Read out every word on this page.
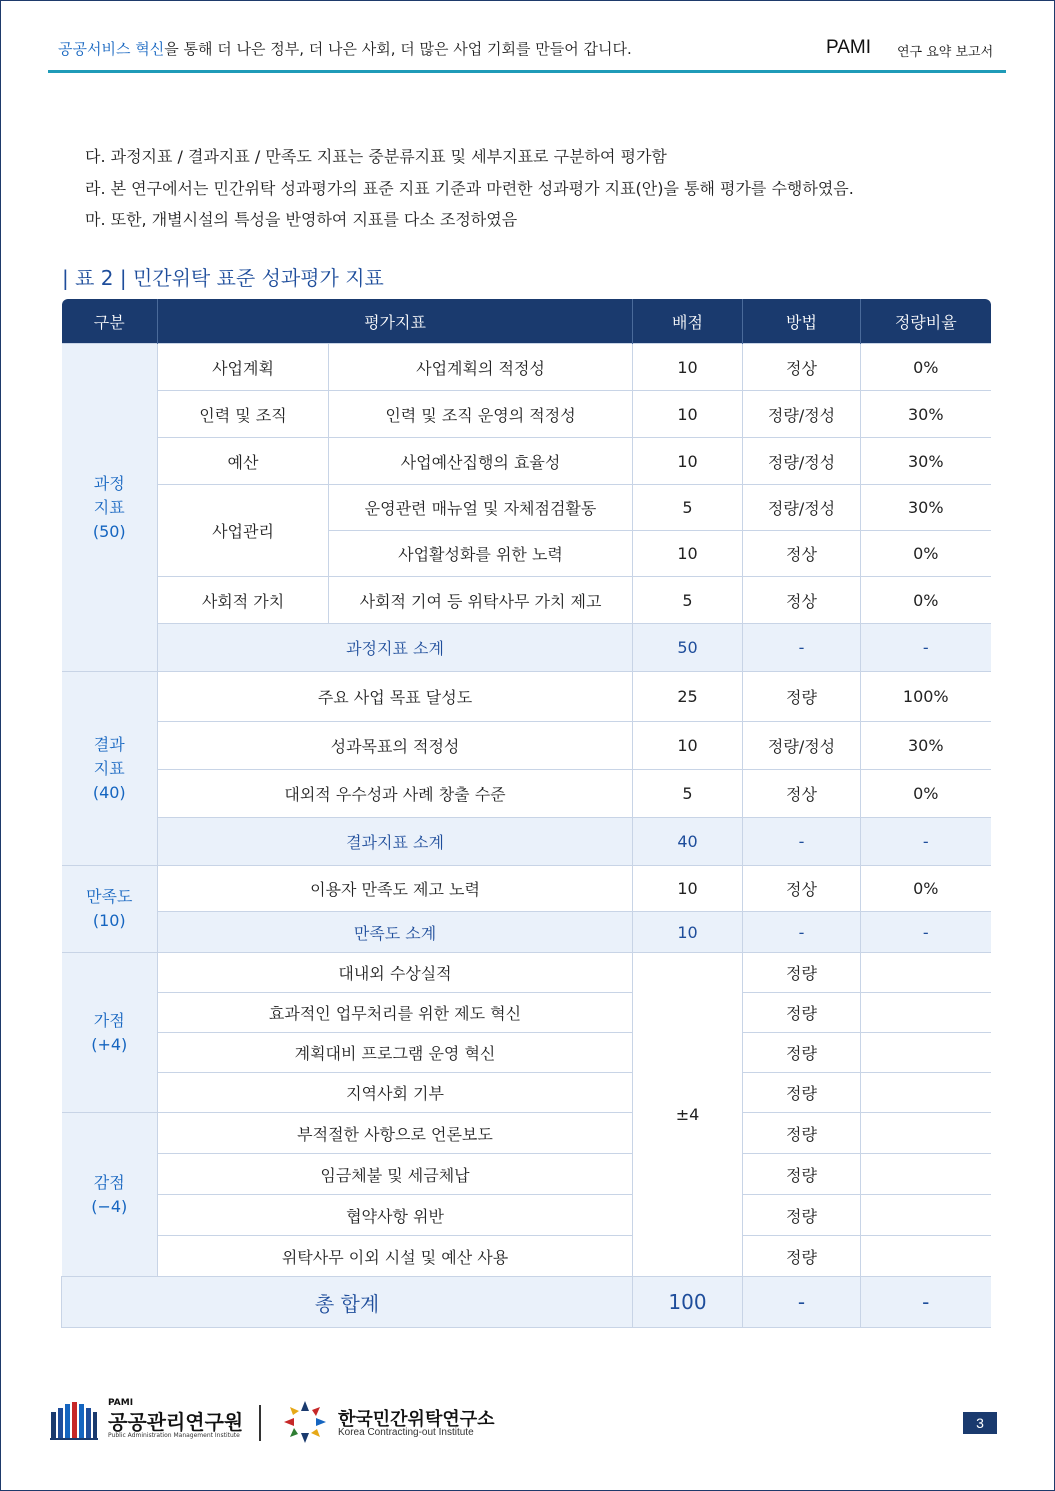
공공서비스 혁신을 통해 더 나은 정부, 더 나은 사회, 더 많은 사업 기회를 만들어 갑니다.	PAMI 연구 요약 보고서
다. 과정지표 / 결과지표 / 만족도 지표는 중분류지표 및 세부지표로 구분하여 평가함
라. 본 연구에서는 민간위탁 성과평가의 표준 지표 기준과 마련한 성과평가 지표(안)을 통해 평가를 수행하였음.
마. 또한, 개별시설의 특성을 반영하여 지표를 다소 조정하였음
| 표 2 | 민간위탁 표준 성과평가 지표
구분	평가지표		배점	방법	정량비율
과정
지표
(50)	사업계획	사업계획의 적정성	10	정상	0%
	인력 및 조직	인력 및 조직 운영의 적정성	10	정량/정성	30%
	예산	사업예산집행의 효율성	10	정량/정성	30%
	사업관리	운영관련 매뉴얼 및 자체점검활동	5	정량/정성	30%
		사업활성화를 위한 노력	10	정상	0%
	사회적 가치	사회적 기여 등 위탁사무 가치 제고	5	정상	0%
	과정지표 소계		50	-	-
결과
지표
(40)	주요 사업 목표 달성도		25	정량	100%
	성과목표의 적정성		10	정량/정성	30%
	대외적 우수성과 사례 창출 수준		5	정상	0%
	결과지표 소계		40	-	-
만족도
(10)	이용자 만족도 제고 노력		10	정상	0%
	만족도 소계		10	-	-
가점
(+4)	대내외 수상실적		±4	정량	
	효과적인 업무처리를 위한 제도 혁신			정량	
	계획대비 프로그램 운영 혁신			정량	
	지역사회 기부			정량	
감점
(−4)	부적절한 사항으로 언론보도			정량	
	임금체불 및 세금체납			정량	
	협약사항 위반			정량	
	위탁사무 이외 시설 및 예산 사용			정량	
총 합계			100	-	-
PAMI
공공관리연구원
Public Administration Management Institute
한국민간위탁연구소
Korea Contracting-out Institute
3
